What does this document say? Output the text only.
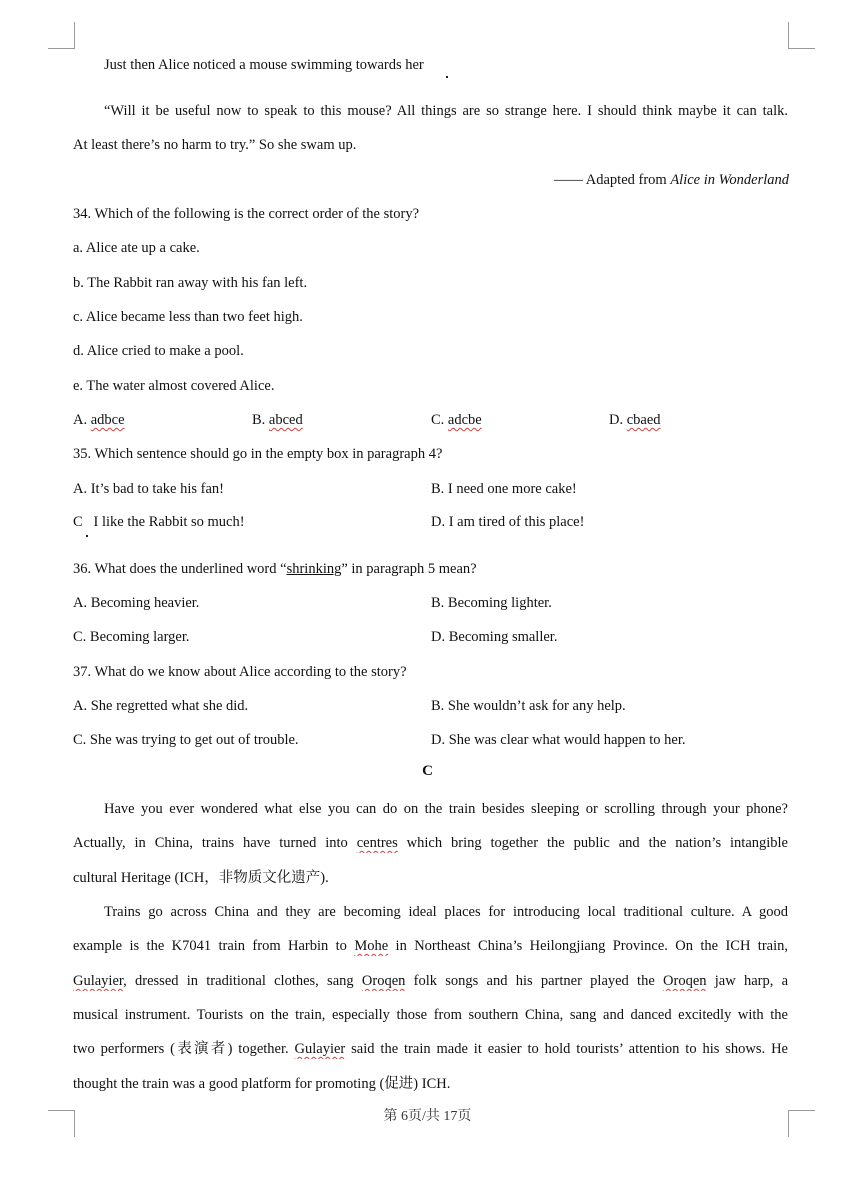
Just then Alice noticed a mouse swimming towards her
“Will it be useful now to speak to this mouse? All things are so strange here. I should think maybe it can talk.
At least there’s no harm to try.” So she swam up.
—— Adapted from Alice in Wonderland
34. Which of the following is the correct order of the story?
a. Alice ate up a cake.
b. The Rabbit ran away with his fan left.
c. Alice became less than two feet high.
d. Alice cried to make a pool.
e. The water almost covered Alice.
A. adbce	B. abced	C. adcbe	D. cbaed
35. Which sentence should go in the empty box in paragraph 4?
A. It’s bad to take his fan!	B. I need one more cake!
C   I like the Rabbit so much!	D. I am tired of this place!
36. What does the underlined word “shrinking” in paragraph 5 mean?
A. Becoming heavier.	B. Becoming lighter.
C. Becoming larger.	D. Becoming smaller.
37. What do we know about Alice according to the story?
A. She regretted what she did.	B. She wouldn’t ask for any help.
C. She was trying to get out of trouble.	D. She was clear what would happen to her.
C
Have you ever wondered what else you can do on the train besides sleeping or scrolling through your phone?
Actually, in China, trains have turned into centres which bring together the public and the nation’s intangible
cultural Heritage (ICH，非物质文化遗产).
Trains go across China and they are becoming ideal places for introducing local traditional culture. A good
example is the K7041 train from Harbin to Mohe in Northeast China’s Heilongjiang Province. On the ICH train,
Gulayier, dressed in traditional clothes, sang Oroqen folk songs and his partner played the Oroqen jaw harp, a
musical instrument. Tourists on the train, especially those from southern China, sang and danced excitedly with the
two performers (表演者) together. Gulayier said the train made it easier to hold tourists’ attention to his shows. He
thought the train was a good platform for promoting (促进) ICH.
第 6页/共 17页
